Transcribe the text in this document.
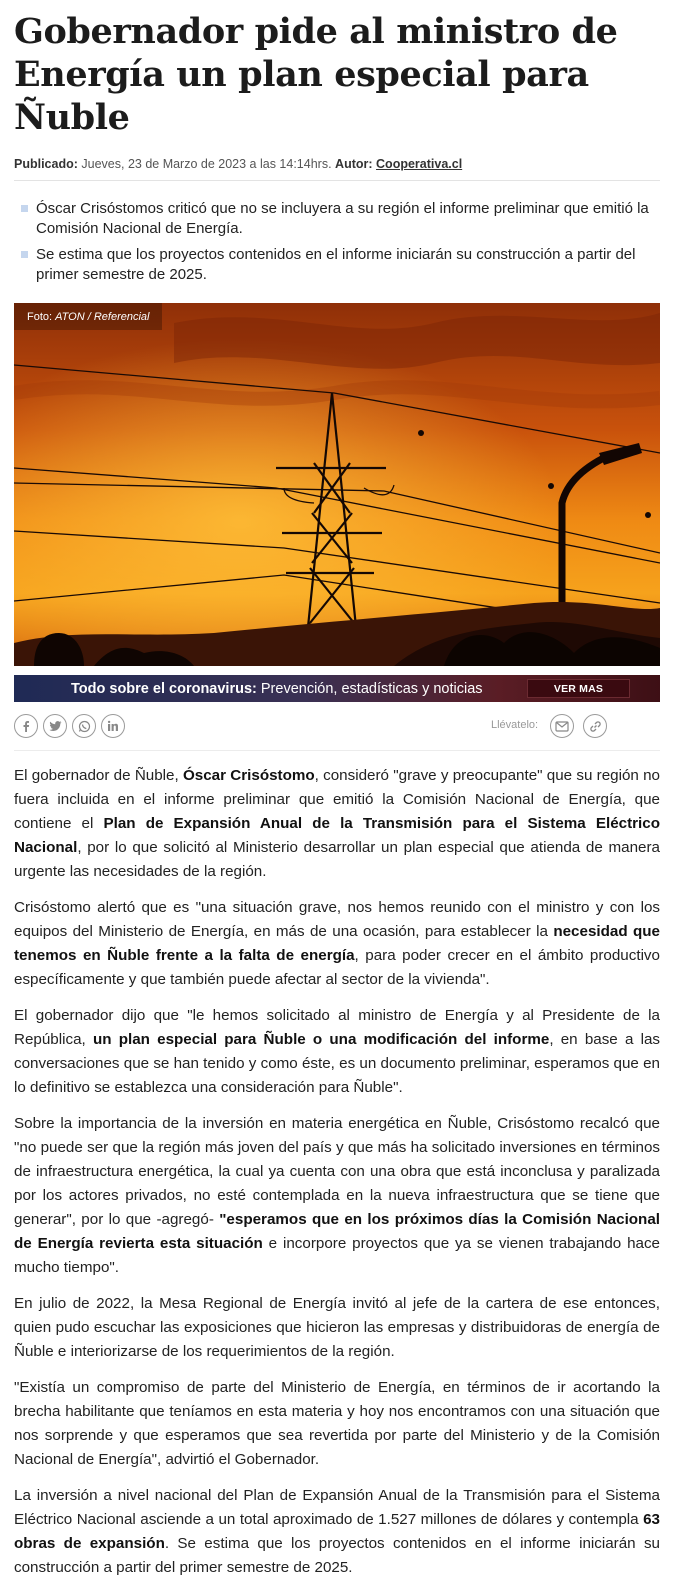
Gobernador pide al ministro de Energía un plan especial para Ñuble
Publicado: Jueves, 23 de Marzo de 2023 a las 14:14hrs. Autor: Cooperativa.cl
Óscar Crisóstomos criticó que no se incluyera a su región el informe preliminar que emitió la Comisión Nacional de Energía.
Se estima que los proyectos contenidos en el informe iniciarán su construcción a partir del primer semestre de 2025.
Foto: ATON / Referencial
Todo sobre el coronavirus: Prevención, estadísticas y noticias	VER MAS
Llévatelo:

El gobernador de Ñuble, Óscar Crisóstomo, consideró "grave y preocupante" que su región no fuera incluida en el informe preliminar que emitió la Comisión Nacional de Energía, que contiene el Plan de Expansión Anual de la Transmisión para el Sistema Eléctrico Nacional, por lo que solicitó al Ministerio desarrollar un plan especial que atienda de manera urgente las necesidades de la región.

Crisóstomo alertó que es "una situación grave, nos hemos reunido con el ministro y con los equipos del Ministerio de Energía, en más de una ocasión, para establecer la necesidad que tenemos en Ñuble frente a la falta de energía, para poder crecer en el ámbito productivo específicamente y que también puede afectar al sector de la vivienda".

El gobernador dijo que "le hemos solicitado al ministro de Energía y al Presidente de la República, un plan especial para Ñuble o una modificación del informe, en base a las conversaciones que se han tenido y como éste, es un documento preliminar, esperamos que en lo definitivo se establezca una consideración para Ñuble".

Sobre la importancia de la inversión en materia energética en Ñuble, Crisóstomo recalcó que "no puede ser que la región más joven del país y que más ha solicitado inversiones en términos de infraestructura energética, la cual ya cuenta con una obra que está inconclusa y paralizada por los actores privados, no esté contemplada en la nueva infraestructura que se tiene que generar", por lo que -agregó- "esperamos que en los próximos días la Comisión Nacional de Energía revierta esta situación e incorpore proyectos que ya se vienen trabajando hace mucho tiempo".

En julio de 2022, la Mesa Regional de Energía invitó al jefe de la cartera de ese entonces, quien pudo escuchar las exposiciones que hicieron las empresas y distribuidoras de energía de Ñuble e interiorizarse de los requerimientos de la región.

"Existía un compromiso de parte del Ministerio de Energía, en términos de ir acortando la brecha habilitante que teníamos en esta materia y hoy nos encontramos con una situación que nos sorprende y que esperamos que sea revertida por parte del Ministerio y de la Comisión Nacional de Energía", advirtió el Gobernador.

La inversión a nivel nacional del Plan de Expansión Anual de la Transmisión para el Sistema Eléctrico Nacional asciende a un total aproximado de 1.527 millones de dólares y contempla 63 obras de expansión. Se estima que los proyectos contenidos en el informe iniciarán su construcción a partir del primer semestre de 2025.
